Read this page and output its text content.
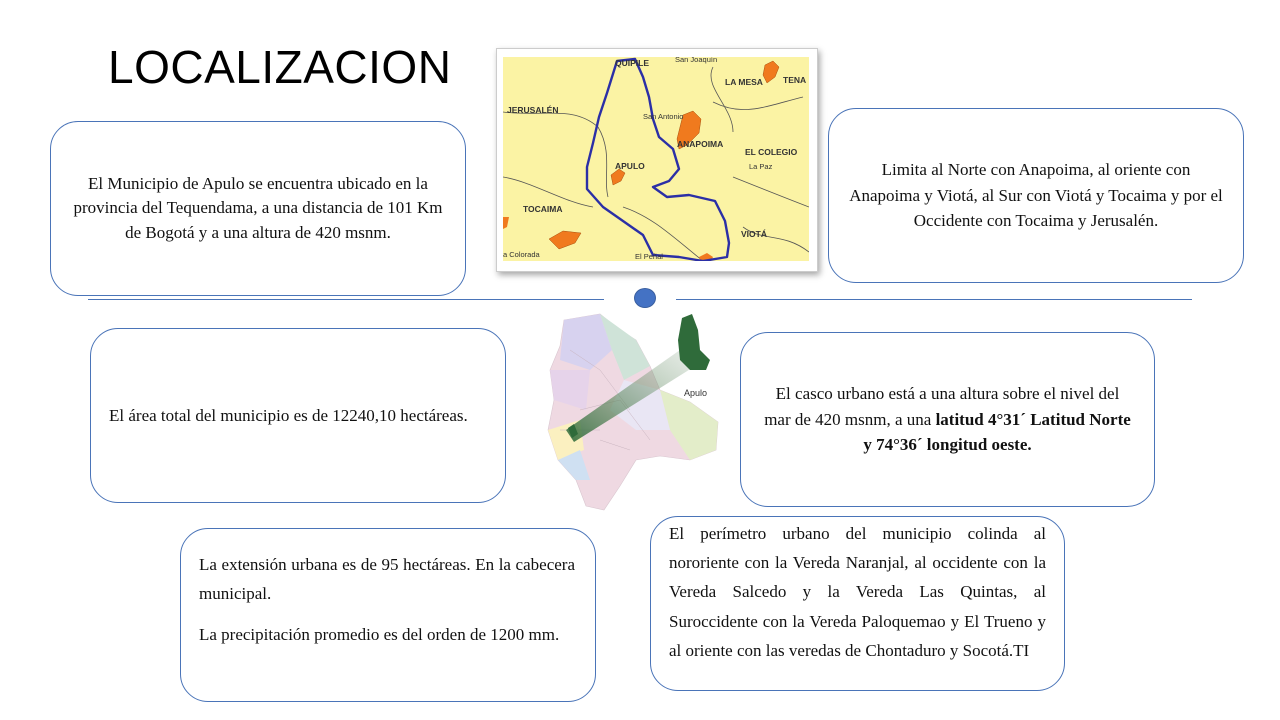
LOCALIZACION	QUIPILE	San Joaquín
LA MESA TENA
JERUSALÉN
San Antonio
ANAPOIMA
EL COLEGIO
La Paz
APULO
TOCAIMA
VIOTÁ
a Colorada	El Peñal
Apulo
El Municipio de Apulo se encuentra ubicado en la provincia del Tequendama, a una distancia de 101 Km de Bogotá y a una altura de 420 msnm.
Limita al Norte con Anapoima, al oriente con Anapoima y Viotá, al Sur con Viotá y Tocaima y por el Occidente con Tocaima y Jerusalén.
El área total del municipio es de 12240,10 hectáreas.
El casco urbano está a una altura sobre el nivel del mar de 420 msnm, a una latitud 4°31´ Latitud Norte y 74°36´ longitud oeste.

La extensión urbana es de 95 hectáreas. En la cabecera municipal.

La precipitación promedio es del orden de 1200 mm.

El perímetro urbano del municipio colinda al nororiente con la Vereda Naranjal, al occidente con la Vereda Salcedo y la Vereda Las Quintas, al Suroccidente con la Vereda Paloquemao y El Trueno y al oriente con las veredas de Chontaduro y Socotá.TI
